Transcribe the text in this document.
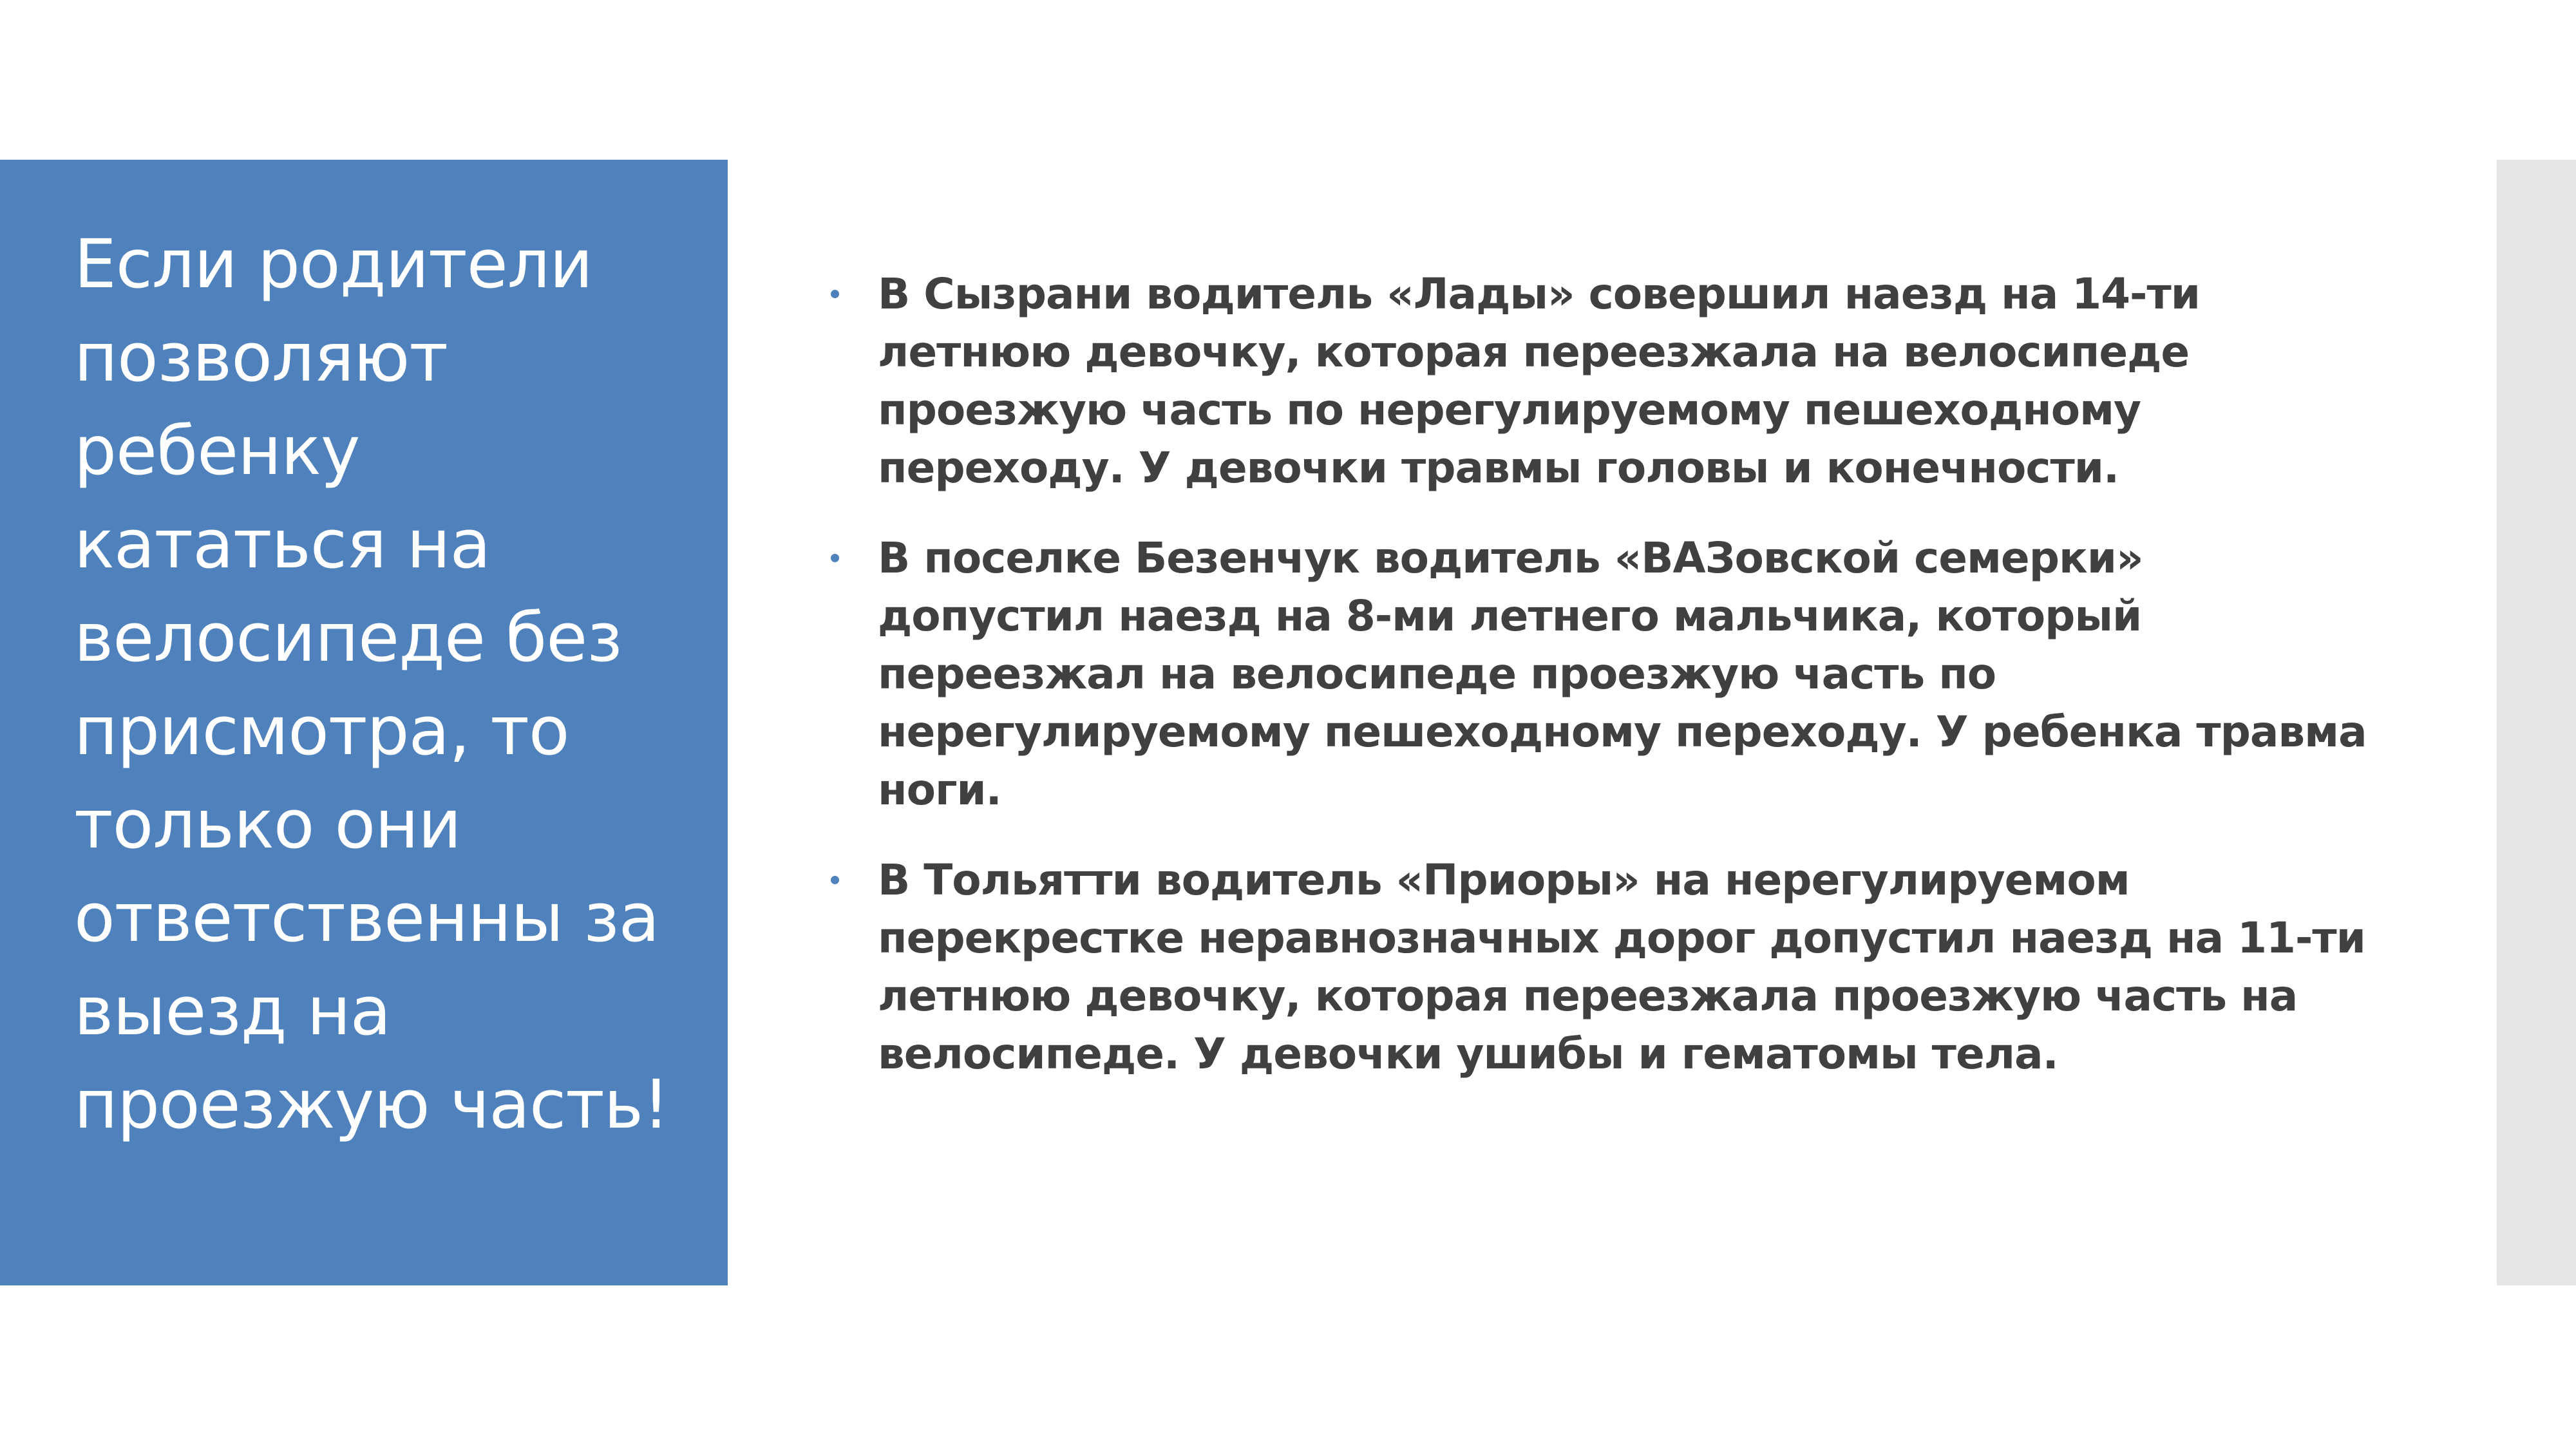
Если родители позволяют ребенку кататься на велосипеде без присмотра, то только они ответственны за выезд на проезжую часть!
В Сызрани водитель «Лады» совершил наезд на 14-ти летнюю девочку, которая переезжала на велосипеде проезжую часть по нерегулируемому пешеходному переходу. У девочки травмы головы и конечности.
В поселке Безенчук водитель «ВАЗовской семерки» допустил наезд на 8-ми летнего мальчика, который переезжал на велосипеде проезжую часть по нерегулируемому пешеходному переходу. У ребенка травма ноги.
В Тольятти водитель «Приоры» на нерегулируемом перекрестке неравнозначных дорог допустил наезд на 11-ти летнюю девочку, которая переезжала проезжую часть на велосипеде. У девочки ушибы и гематомы тела.
